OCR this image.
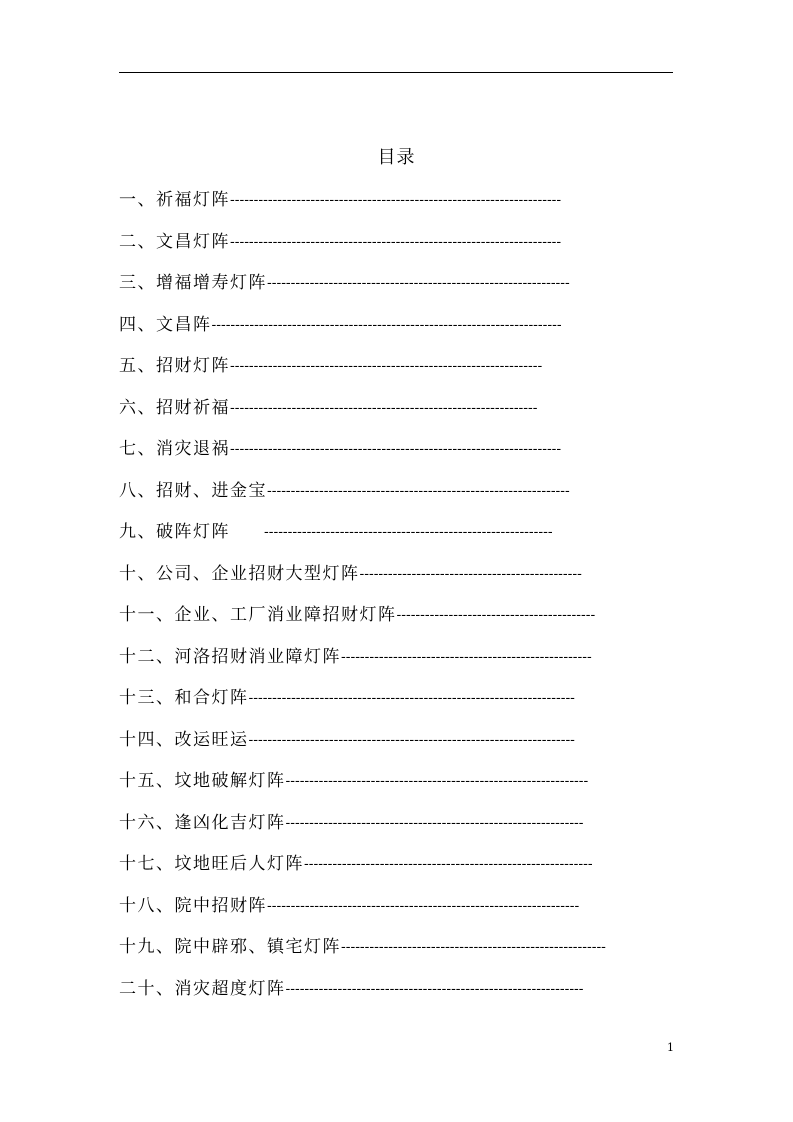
目录
一、祈福灯阵----------------------------------------------------------------------
二、文昌灯阵----------------------------------------------------------------------
三、增福增寿灯阵----------------------------------------------------------------
四、文昌阵--------------------------------------------------------------------------
五、招财灯阵------------------------------------------------------------------
六、招财祈福-----------------------------------------------------------------
七、消灾退祸----------------------------------------------------------------------
八、招财、进金宝----------------------------------------------------------------
九、破阵灯阵 -------------------------------------------------------------
十、公司、企业招财大型灯阵-----------------------------------------------
十一、企业、工厂消业障招财灯阵------------------------------------------
十二、河洛招财消业障灯阵-----------------------------------------------------
十三、和合灯阵---------------------------------------------------------------------
十四、改运旺运---------------------------------------------------------------------
十五、坟地破解灯阵----------------------------------------------------------------
十六、逢凶化吉灯阵---------------------------------------------------------------
十七、坟地旺后人灯阵-------------------------------------------------------------
十八、院中招财阵------------------------------------------------------------------
十九、院中辟邪、镇宅灯阵--------------------------------------------------------
二十、消灾超度灯阵---------------------------------------------------------------
1
